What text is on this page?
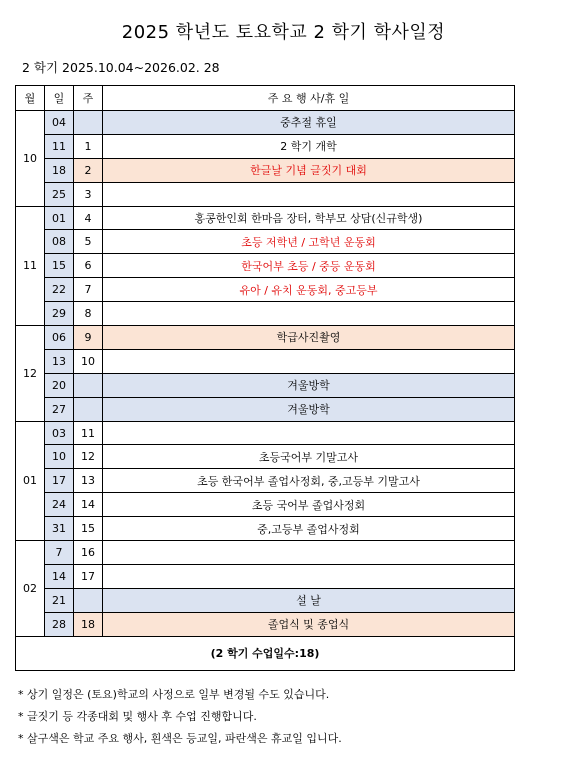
2025 학년도 토요학교 2 학기 학사일정
2 학기 2025.10.04~2026.02. 28
월	일	주	주 요 행 사/휴 일
10	04		중추절 휴일
	11	1	2 학기 개학
	18	2	한글날 기념 글짓기 대회
	25	3	
11	01	4	홍콩한인회 한마음 장터, 학부모 상담(신규학생)
	08	5	초등 저학년 / 고학년 운동회
	15	6	한국어부 초등 / 중등 운동회
	22	7	유아 / 유치 운동회, 중고등부
	29	8	
12	06	9	학급사진촬영
	13	10	
	20		겨울방학
	27		겨울방학
01	03	11	
	10	12	초등국어부 기말고사
	17	13	초등 한국어부 졸업사정회, 중,고등부 기말고사
	24	14	초등 국어부 졸업사정회
	31	15	중,고등부 졸업사정회
02	7	16	
	14	17	
	21		설 날
	28	18	졸업식 및 종업식
(2 학기 수업일수:18)			
* 상기 일정은 (토요)학교의 사정으로 일부 변경될 수도 있습니다.
* 글짓기 등 각종대회 및 행사 후 수업 진행합니다.
* 살구색은 학교 주요 행사, 흰색은 등교일, 파란색은 휴교일 입니다.
